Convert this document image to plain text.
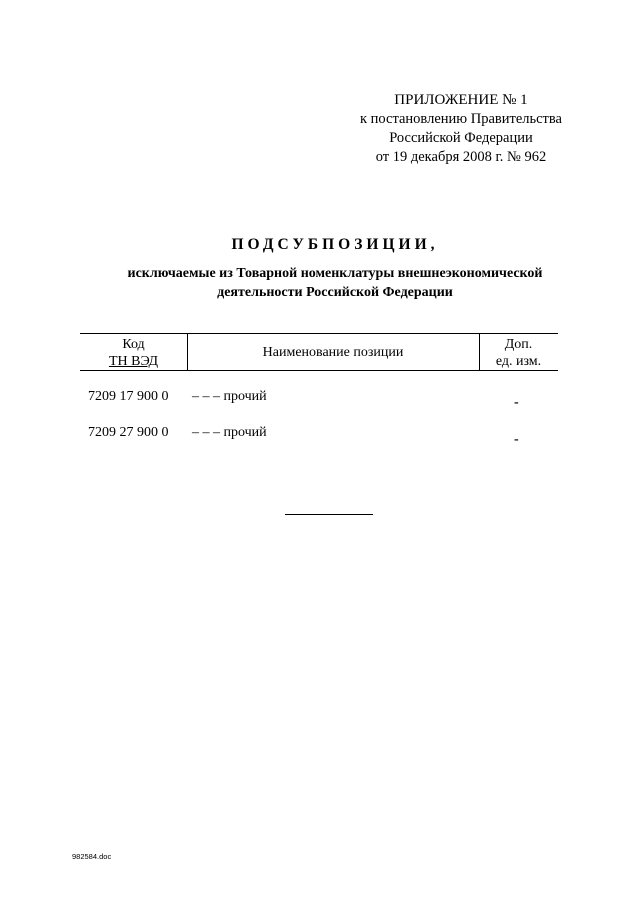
ПРИЛОЖЕНИЕ № 1
к постановлению Правительства
Российской Федерации
от 19 декабря 2008 г. № 962
ПОДСУБПОЗИЦИИ,
исключаемые из Товарной номенклатуры внешнеэкономической
деятельности Российской Федерации
Код
ТН ВЭД
Наименование позиции
Доп.
ед. изм.
7209 17 900 0 – – – прочий	-
7209 27 900 0 – – – прочий	-
982584.doc
